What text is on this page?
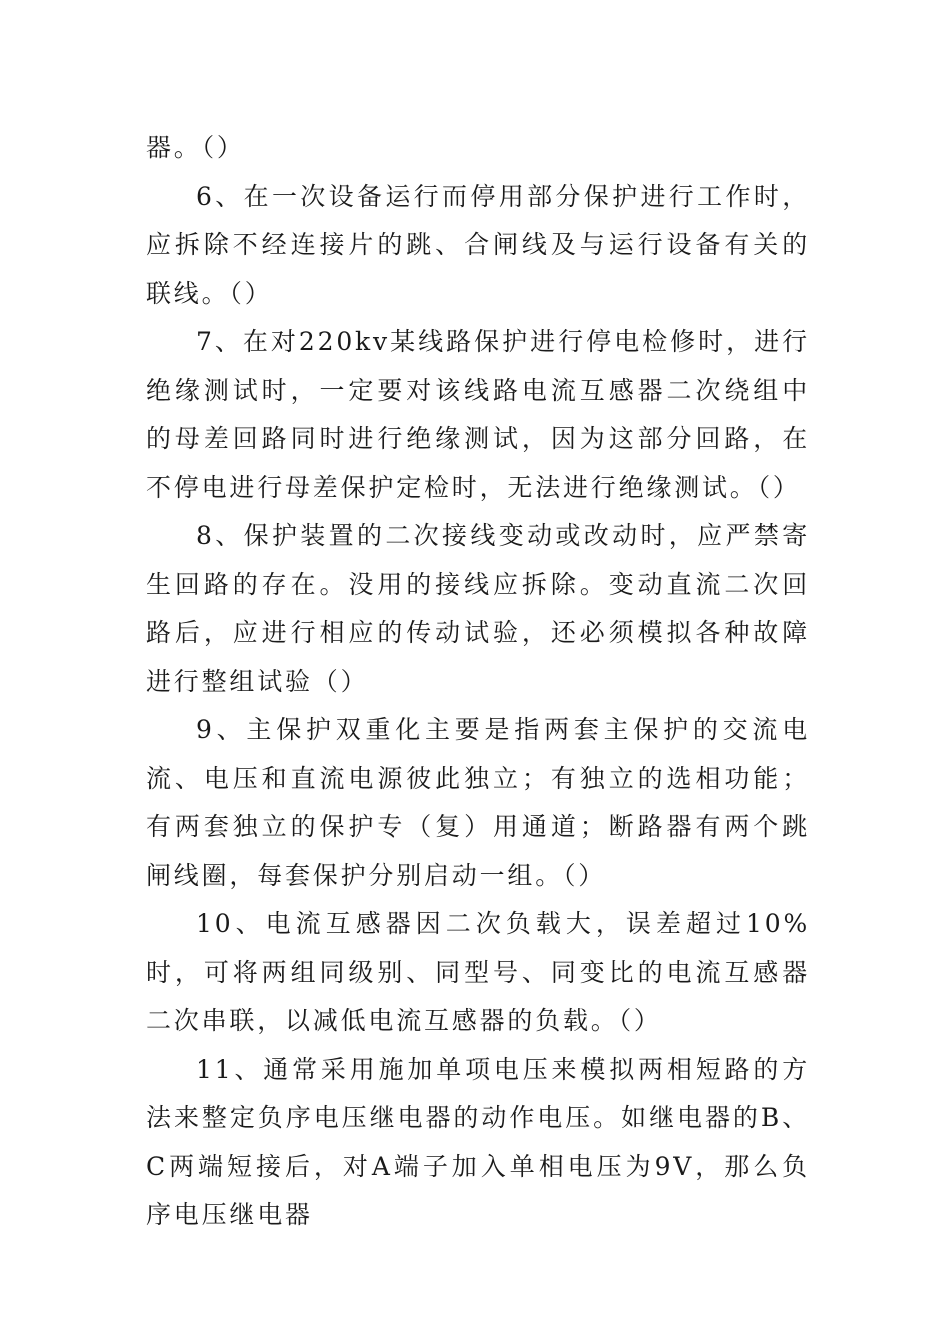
器。（）

6、在一次设备运行而停用部分保护进行工作时，应拆除不经连接片的跳、合闸线及与运行设备有关的联线。（）

7、在对220kv某线路保护进行停电检修时，进行绝缘测试时，一定要对该线路电流互感器二次绕组中的母差回路同时进行绝缘测试，因为这部分回路，在不停电进行母差保护定检时，无法进行绝缘测试。（）

8、保护装置的二次接线变动或改动时，应严禁寄生回路的存在。没用的接线应拆除。变动直流二次回路后，应进行相应的传动试验，还必须模拟各种故障进行整组试验（）

9、主保护双重化主要是指两套主保护的交流电流、电压和直流电源彼此独立；有独立的选相功能；有两套独立的保护专（复）用通道；断路器有两个跳闸线圈，每套保护分别启动一组。（）

10、电流互感器因二次负载大，误差超过10%时，可将两组同级别、同型号、同变比的电流互感器二次串联，以减低电流互感器的负载。（）

11、通常采用施加单项电压来模拟两相短路的方法来整定负序电压继电器的动作电压。如继电器的B、C两端短接后，对A端子加入单相电压为9V，那么负序电压继电器
